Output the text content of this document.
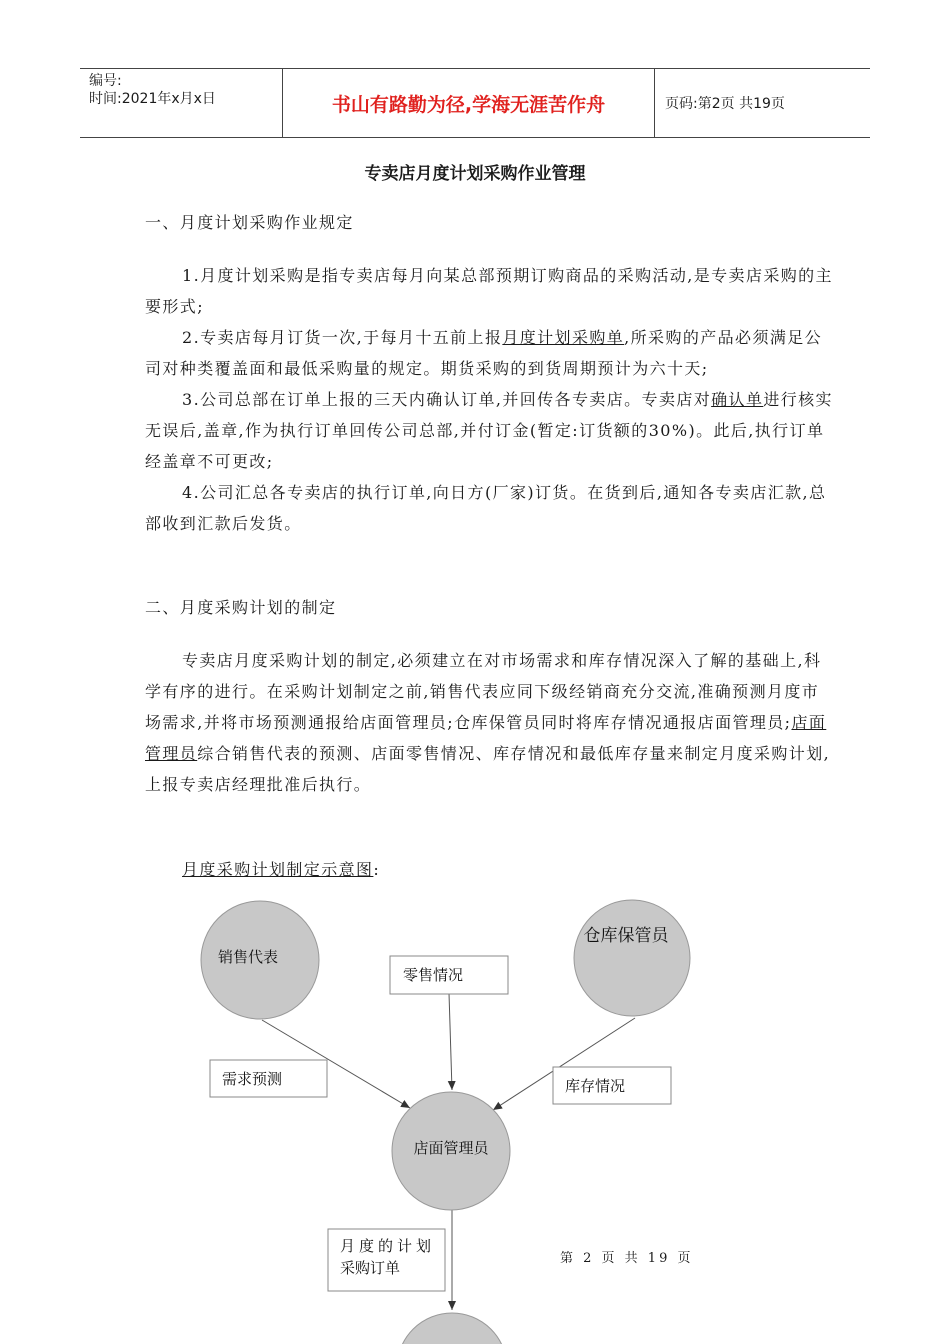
编号:
时间:2021年x月x日	书山有路勤为径,学海无涯苦作舟	页码:第2页 共19页
专卖店月度计划采购作业管理

一、月度计划采购作业规定

1.月度计划采购是指专卖店每月向某总部预期订购商品的采购活动,是专卖店采购的主要形式;

2.专卖店每月订货一次,于每月十五前上报月度计划采购单,所采购的产品必须满足公司对种类覆盖面和最低采购量的规定。期货采购的到货周期预计为六十天;

3.公司总部在订单上报的三天内确认订单,并回传各专卖店。专卖店对确认单进行核实无误后,盖章,作为执行订单回传公司总部,并付订金(暂定:订货额的30%)。此后,执行订单经盖章不可更改;

4.公司汇总各专卖店的执行订单,向日方(厂家)订货。在货到后,通知各专卖店汇款,总部收到汇款后发货。

二、月度采购计划的制定

专卖店月度采购计划的制定,必须建立在对市场需求和库存情况深入了解的基础上,科学有序的进行。在采购计划制定之前,销售代表应同下级经销商充分交流,准确预测月度市场需求,并将市场预测通报给店面管理员;仓库保管员同时将库存情况通报店面管理员;店面管理员综合销售代表的预测、店面零售情况、库存情况和最低库存量来制定月度采购计划,上报专卖店经理批准后执行。

月度采购计划制定示意图:

销售代表
仓库保管员
店面管理员
零售情况
需求预测	库存情况
月度的计划
采购订单
第 2 页 共 19 页
